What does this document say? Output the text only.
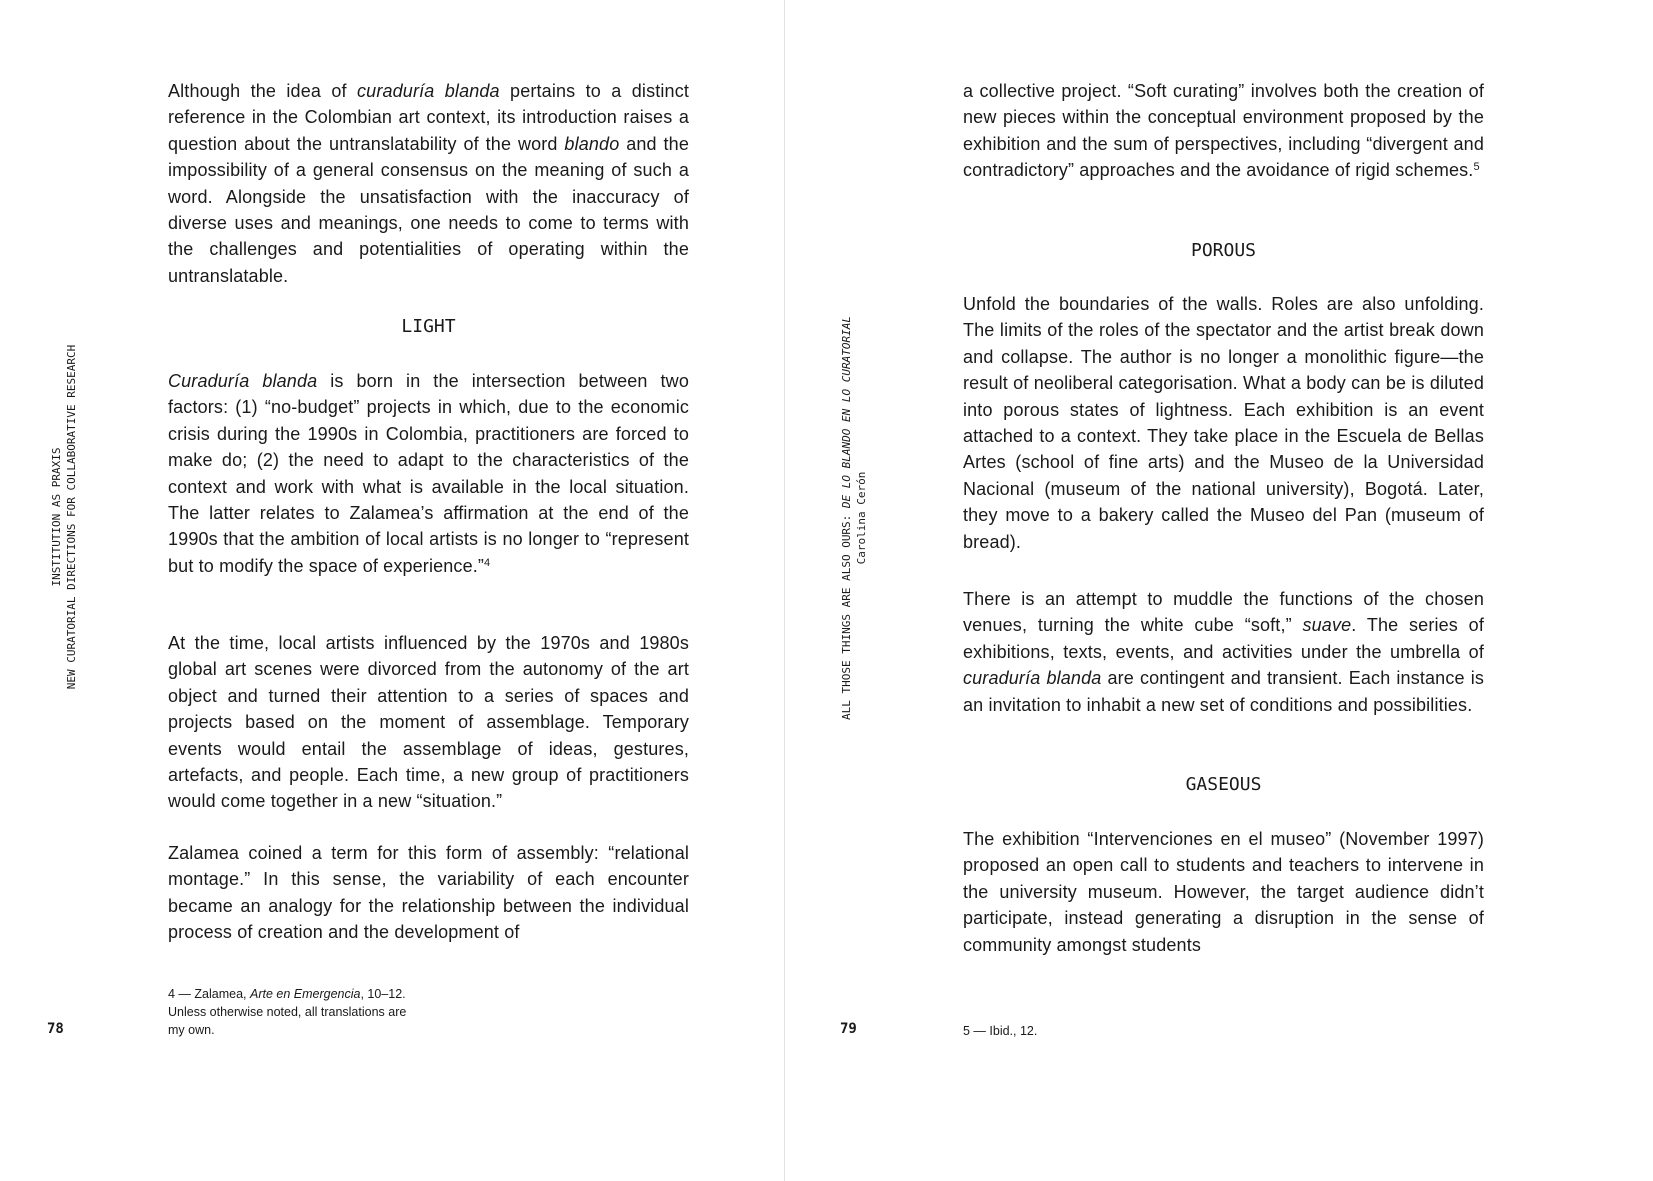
INSTITUTION AS PRAXIS NEW CURATORIAL DIRECTIONS FOR COLLABORATIVE RESEARCH
Although the idea of curaduría blanda pertains to a distinct reference in the Colombian art context, its introduction raises a question about the untranslatability of the word blando and the impossibility of a general consensus on the meaning of such a word. Alongside the unsatisfaction with the inaccuracy of diverse uses and meanings, one needs to come to terms with the challenges and potentialities of operating within the untranslatable.
LIGHT
Curaduría blanda is born in the intersection between two factors: (1) “no-budget” projects in which, due to the economic crisis during the 1990s in Colombia, practitioners are forced to make do; (2) the need to adapt to the characteristics of the context and work with what is available in the local situation. The latter relates to Zalamea’s affirmation at the end of the 1990s that the ambition of local artists is no longer to “represent but to modify the space of experience.”$^4$
At the time, local artists influenced by the 1970s and 1980s global art scenes were divorced from the autonomy of the art object and turned their attention to a series of spaces and projects based on the moment of assemblage. Temporary events would entail the assemblage of ideas, gestures, artefacts, and people. Each time, a new group of practitioners would come together in a new “situation.”
Zalamea coined a term for this form of assembly: “relational montage.” In this sense, the variability of each encounter became an analogy for the relationship between the individual process of creation and the development of
4 — Zalamea, Arte en Emergencia, 10–12. Unless otherwise noted, all translations are my own.
78
ALL THOSE THINGS ARE ALSO OURS: DE LO BLANDO EN LO CURATORIAL
Carolina Cerón
a collective project. “Soft curating” involves both the creation of new pieces within the conceptual environment proposed by the exhibition and the sum of perspectives, including “divergent and contradictory” approaches and the avoidance of rigid schemes.$^5$
POROUS
Unfold the boundaries of the walls. Roles are also unfolding. The limits of the roles of the spectator and the artist break down and collapse. The author is no longer a monolithic figure—the result of neoliberal categorisation. What a body can be is diluted into porous states of lightness. Each exhibition is an event attached to a context. They take place in the Escuela de Bellas Artes (school of fine arts) and the Museo de la Universidad Nacional (museum of the national university), Bogotá. Later, they move to a bakery called the Museo del Pan (museum of bread).
There is an attempt to muddle the functions of the chosen venues, turning the white cube “soft,” suave. The series of exhibitions, texts, events, and activities under the umbrella of curaduría blanda are contingent and transient. Each instance is an invitation to inhabit a new set of conditions and possibilities.
GASEOUS
The exhibition “Intervenciones en el museo” (November 1997) proposed an open call to students and teachers to intervene in the university museum. However, the target audience didn’t participate, instead generating a disruption in the sense of community amongst students
5 — Ibid., 12.
79
